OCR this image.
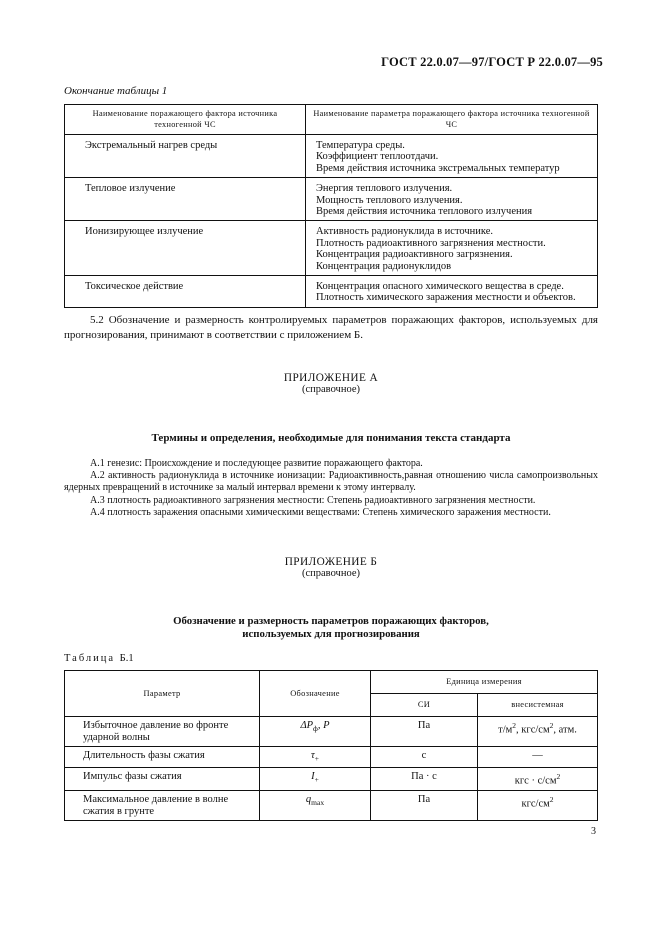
ГОСТ 22.0.07—97/ГОСТ Р 22.0.07—95
Окончание таблицы 1
Наименование поражающего фактора источника техногенной ЧС	Наименование параметра поражающего фактора источника техногенной ЧС
Экстремальный нагрев среды	Температура среды.
Коэффициент теплоотдачи.
Время действия источника экстремальных температур

Тепловое излучение	Энергия теплового излучения.
Мощность теплового излучения.
Время действия источника теплового излучения

Ионизирующее излучение	Активность радионуклида в источнике.
Плотность радиоактивного загрязнения местности.
Концентрация радиоактивного загрязнения.
Концентрация радионуклидов

Токсическое действие	Концентрация опасного химического вещества в среде.
Плотность химического заражения местности и объектов.
5.2 Обозначение и размерность контролируемых параметров поражающих факторов, используемых для прогнозирования, принимают в соответствии с приложением Б.
ПРИЛОЖЕНИЕ А
(справочное)
Термины и определения, необходимые для понимания текста стандарта

А.1 генезис: Происхождение и последующее развитие поражающего фактора.

А.2 активность радионуклида в источнике ионизации: Радиоактивность,равная отношению числа самопроизвольных ядерных превращений в источнике за малый интервал времени к этому интервалу.

А.3 плотность радиоактивного загрязнения местности: Степень радиоактивного загрязнения местности.

А.4 плотность заражения опасными химическими веществами: Степень химического заражения местности.

ПРИЛОЖЕНИЕ Б
(справочное)
Обозначение и размерность параметров поражающих факторов,
используемых для прогнозирования
Таблица Б.1
Параметр	Обозначение	Единица измерения	
		СИ	внесистемная
Избыточное давление во фронте ударной волны	$\Delta P_ф$, P	Па	$т/м^2$, кгс/$см^2$, атм.
Длительность фазы сжатия	$\tau_+$	с	—
Импульс фазы сжатия	$I_+$	Па · с	кгс · $с/см^2$
Максимальное давление в волне сжатия в грунте	$q_{max}$	Па	кгс/$см^2$
3
